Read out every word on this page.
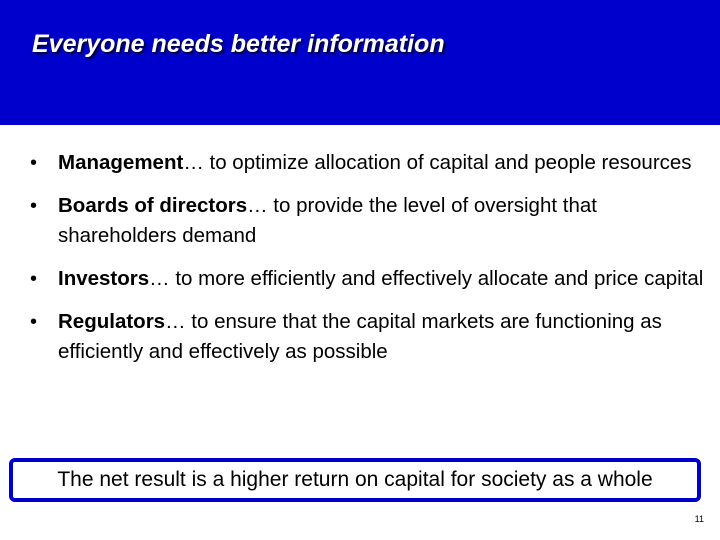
Everyone needs better information
• Management… to optimize allocation of capital and people resources
• Boards of directors… to provide the level of oversight that shareholders demand
• Investors… to more efficiently and effectively allocate and price capital
• Regulators… to ensure that the capital markets are functioning as efficiently and effectively as possible
The net result is a higher return on capital for society as a whole
11
